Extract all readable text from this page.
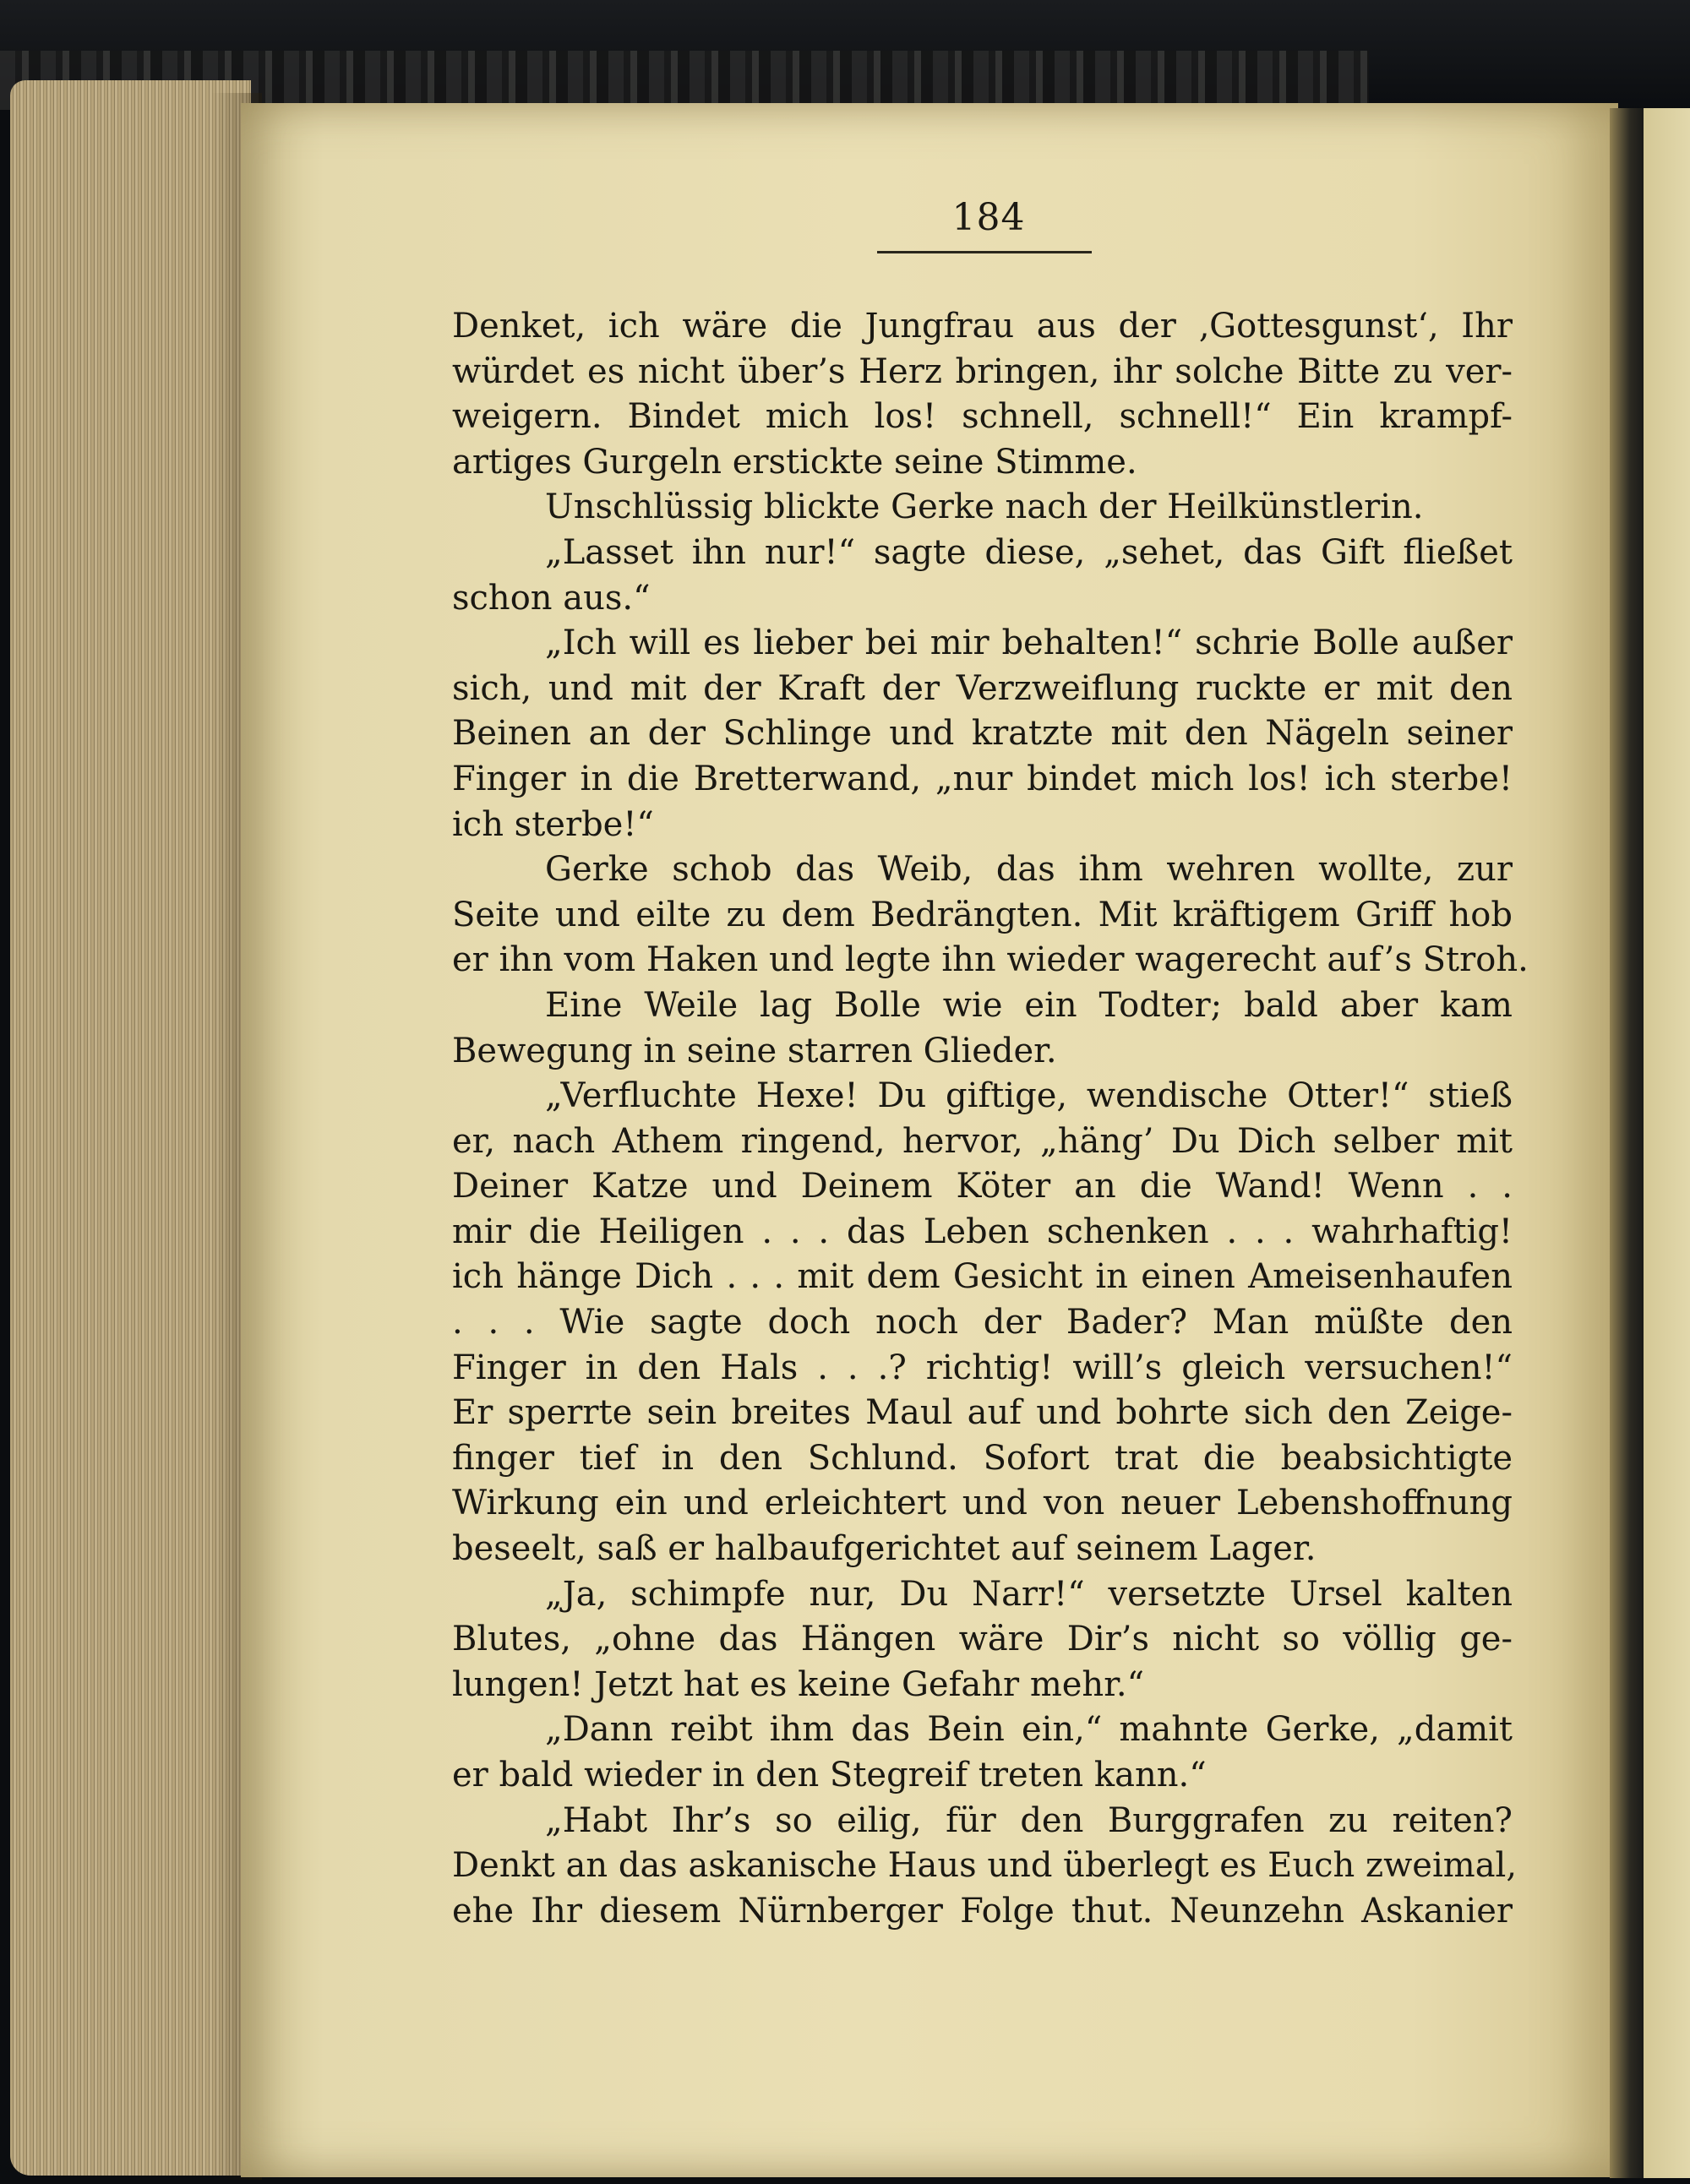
184
Denket, ich wäre die Jungfrau aus der ‚Gottesgunst‘, Ihr
würdet es nicht über’s Herz bringen, ihr solche Bitte zu ver-
weigern. Bindet mich los! schnell, schnell!“ Ein krampf-
artiges Gurgeln erstickte seine Stimme.
Unschlüssig blickte Gerke nach der Heilkünstlerin.
„Lasset ihn nur!“ sagte diese, „sehet, das Gift fließet
schon aus.“
„Ich will es lieber bei mir behalten!“ schrie Bolle außer
sich, und mit der Kraft der Verzweiflung ruckte er mit den
Beinen an der Schlinge und kratzte mit den Nägeln seiner
Finger in die Bretterwand, „nur bindet mich los! ich sterbe!
ich sterbe!“
Gerke schob das Weib, das ihm wehren wollte, zur
Seite und eilte zu dem Bedrängten. Mit kräftigem Griff hob
er ihn vom Haken und legte ihn wieder wagerecht auf’s Stroh.
Eine Weile lag Bolle wie ein Todter; bald aber kam
Bewegung in seine starren Glieder.
„Verfluchte Hexe! Du giftige, wendische Otter!“ stieß
er, nach Athem ringend, hervor, „häng’ Du Dich selber mit
Deiner Katze und Deinem Köter an die Wand! Wenn . .
mir die Heiligen . . . das Leben schenken . . . wahrhaftig!
ich hänge Dich . . . mit dem Gesicht in einen Ameisenhaufen
. . . Wie sagte doch noch der Bader? Man müßte den
Finger in den Hals . . .? richtig! will’s gleich versuchen!“
Er sperrte sein breites Maul auf und bohrte sich den Zeige-
finger tief in den Schlund. Sofort trat die beabsichtigte
Wirkung ein und erleichtert und von neuer Lebenshoffnung
beseelt, saß er halbaufgerichtet auf seinem Lager.
„Ja, schimpfe nur, Du Narr!“ versetzte Ursel kalten
Blutes, „ohne das Hängen wäre Dir’s nicht so völlig ge-
lungen! Jetzt hat es keine Gefahr mehr.“
„Dann reibt ihm das Bein ein,“ mahnte Gerke, „damit
er bald wieder in den Stegreif treten kann.“
„Habt Ihr’s so eilig, für den Burggrafen zu reiten?
Denkt an das askanische Haus und überlegt es Euch zweimal,
ehe Ihr diesem Nürnberger Folge thut. Neunzehn Askanier
